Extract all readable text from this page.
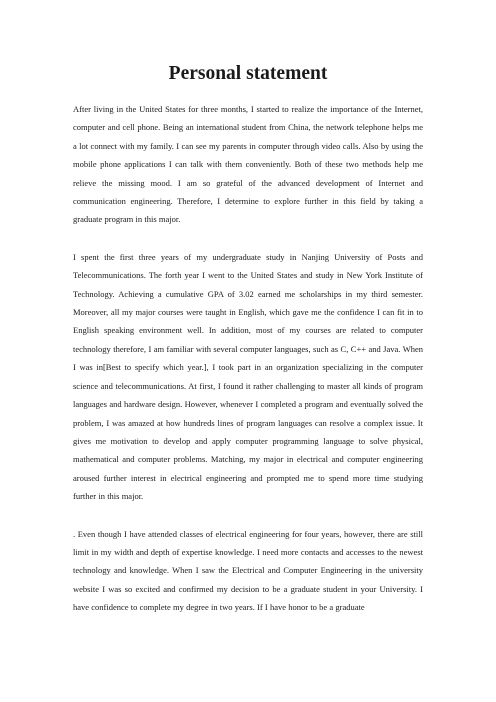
Personal statement

After living in the United States for three months, I started to realize the importance of the Internet, computer and cell phone. Being an international student from China, the network telephone helps me a lot connect with my family. I can see my parents in computer through video calls. Also by using the mobile phone applications I can talk with them conveniently. Both of these two methods help me relieve the missing mood. I am so grateful of the advanced development of Internet and communication engineering. Therefore, I determine to explore further in this field by taking a graduate program in this major.

I spent the first three years of my undergraduate study in Nanjing University of Posts and Telecommunications. The forth year I went to the United States and study in New York Institute of Technology. Achieving a cumulative GPA of 3.02 earned me scholarships in my third semester. Moreover, all my major courses were taught in English, which gave me the confidence I can fit in to English speaking environment well. In addition, most of my courses are related to computer technology therefore, I am familiar with several computer languages, such as C, C++ and Java. When I was in[Best to specify which year.], I took part in an organization specializing in the computer science and telecommunications. At first, I found it rather challenging to master all kinds of program languages and hardware design. However, whenever I completed a program and eventually solved the problem, I was amazed at how hundreds lines of program languages can resolve a complex issue. It gives me motivation to develop and apply computer programming language to solve physical, mathematical and computer problems. Matching, my major in electrical and computer engineering aroused further interest in electrical engineering and prompted me to spend more time studying further in this major.

. Even though I have attended classes of electrical engineering for four years, however, there are still limit in my width and depth of expertise knowledge. I need more contacts and accesses to the newest technology and knowledge. When I saw the Electrical and Computer Engineering in the university website I was so excited and confirmed my decision to be a graduate student in your University. I have confidence to complete my degree in two years. If I have honor to be a graduate
